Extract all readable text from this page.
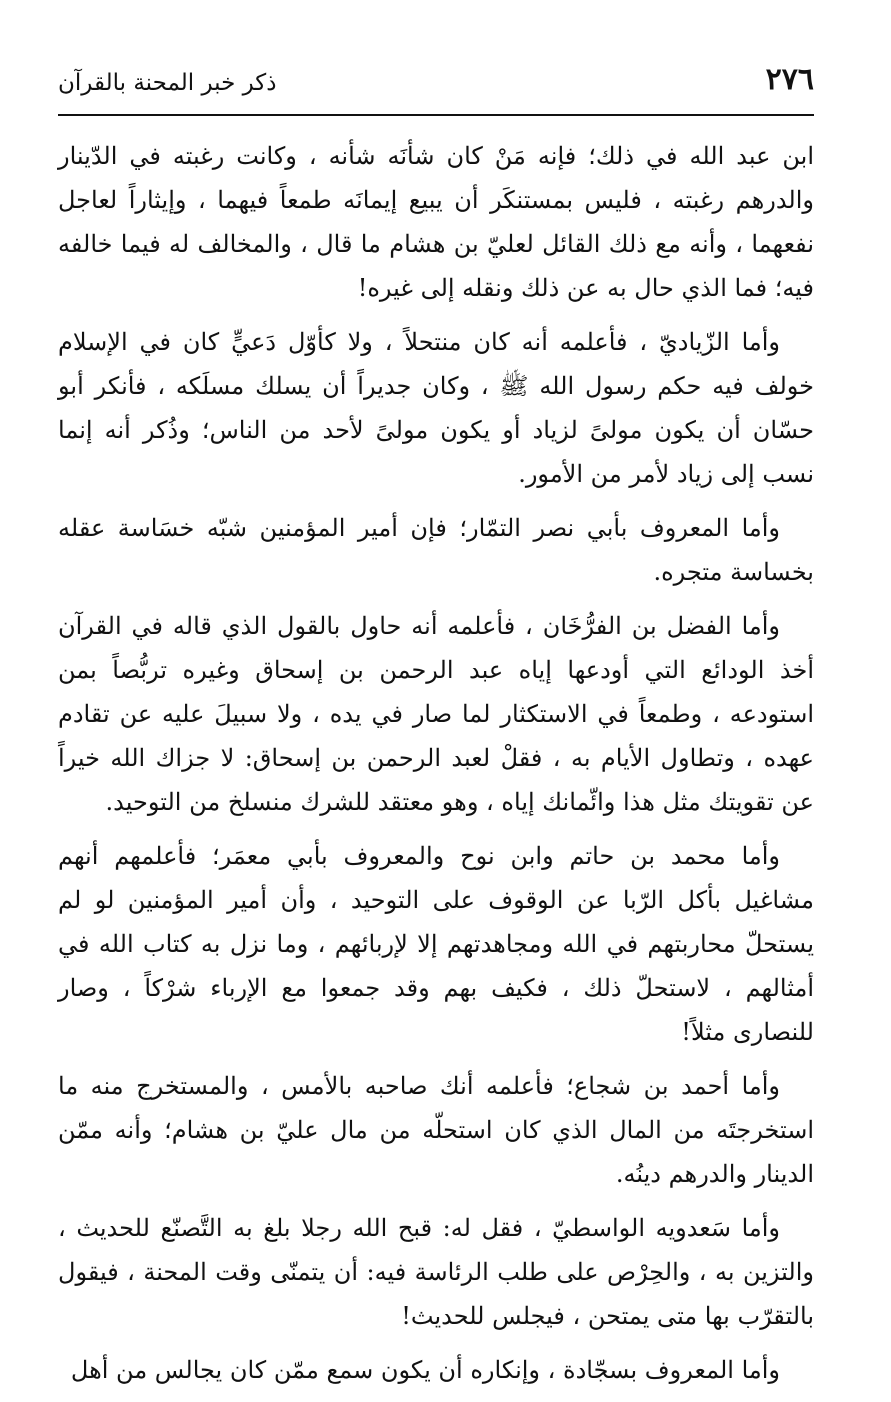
٢٧٦
ذكر خبر المحنة بالقرآن

ابن عبد الله في ذلك؛ فإنه مَنْ كان شأنَه شأنه ، وكانت رغبته في الدّينار والدرهم رغبته ، فليس بمستنكَر أن يبيع إيمانَه طمعاً فيهما ، وإيثاراً لعاجل نفعهما ، وأنه مع ذلك القائل لعليّ بن هشام ما قال ، والمخالف له فيما خالفه فيه؛ فما الذي حال به عن ذلك ونقله إلى غيره!

وأما الزّياديّ ، فأعلمه أنه كان منتحلاً ، ولا كأوّل دَعيٍّ كان في الإسلام خولف فيه حكم رسول الله ﷺ ، وكان جديراً أن يسلك مسلَكه ، فأنكر أبو حسّان أن يكون مولىً لزياد أو يكون مولىً لأحد من الناس؛ وذُكر أنه إنما نسب إلى زياد لأمر من الأمور.

وأما المعروف بأبي نصر التمّار؛ فإن أمير المؤمنين شبّه خسَاسة عقله بخساسة متجره.

وأما الفضل بن الفرُّخَان ، فأعلمه أنه حاول بالقول الذي قاله في القرآن أخذ الودائع التي أودعها إياه عبد الرحمن بن إسحاق وغيره تربُّصاً بمن استودعه ، وطمعاً في الاستكثار لما صار في يده ، ولا سبيلَ عليه عن تقادم عهده ، وتطاول الأيام به ، فقلْ لعبد الرحمن بن إسحاق: لا جزاك الله خيراً عن تقويتك مثل هذا وائّمانك إياه ، وهو معتقد للشرك منسلخ من التوحيد.

وأما محمد بن حاتم وابن نوح والمعروف بأبي معمَر؛ فأعلمهم أنهم مشاغيل بأكل الرّبا عن الوقوف على التوحيد ، وأن أمير المؤمنين لو لم يستحلّ محاربتهم في الله ومجاهدتهم إلا لإربائهم ، وما نزل به كتاب الله في أمثالهم ، لاستحلّ ذلك ، فكيف بهم وقد جمعوا مع الإرباء شرْكاً ، وصار للنصارى مثلاً!

وأما أحمد بن شجاع؛ فأعلمه أنك صاحبه بالأمس ، والمستخرج منه ما استخرجتَه من المال الذي كان استحلّه من مال عليّ بن هشام؛ وأنه ممّن الدينار والدرهم دينُه.

وأما سَعدويه الواسطيّ ، فقل له: قبح الله رجلا بلغ به التَّصنّع للحديث ، والتزين به ، والحِرْص على طلب الرئاسة فيه: أن يتمنّى وقت المحنة ، فيقول بالتقرّب بها متى يمتحن ، فيجلس للحديث!

وأما المعروف بسجّادة ، وإنكاره أن يكون سمع ممّن كان يجالس من أهل
